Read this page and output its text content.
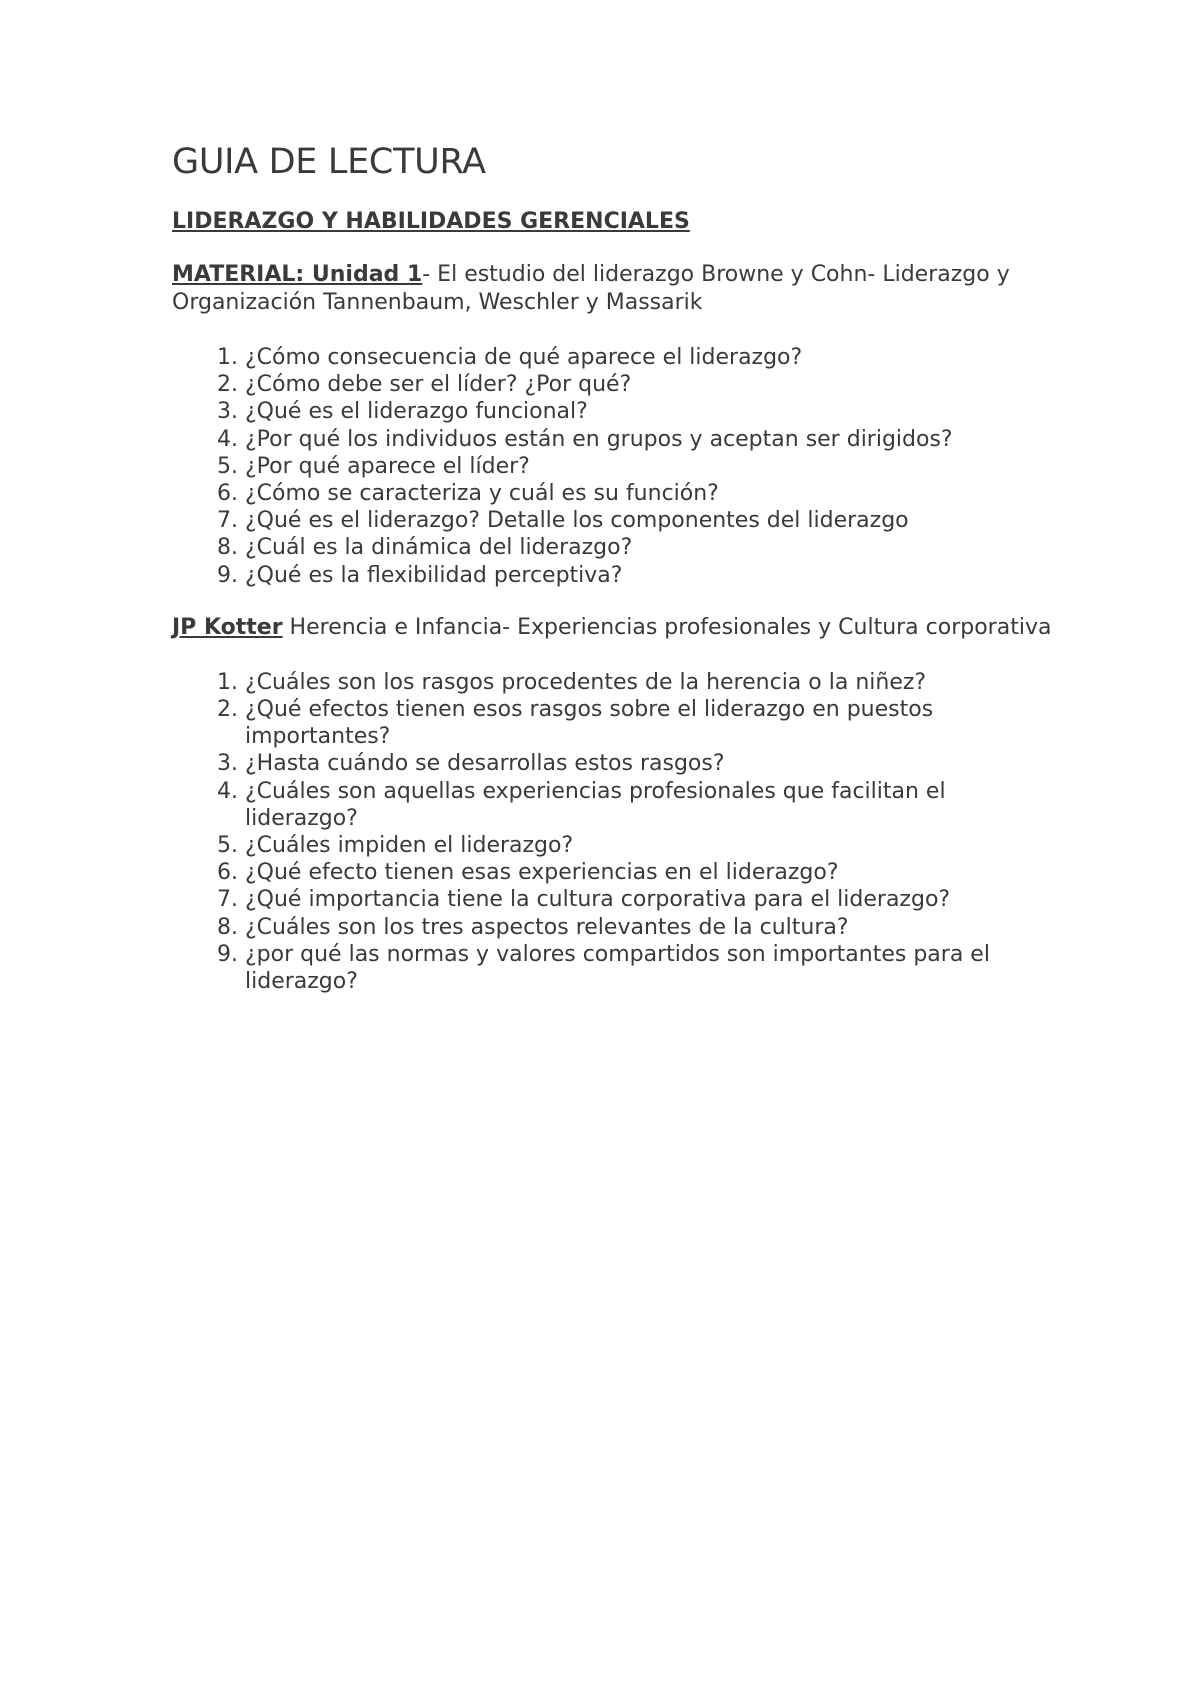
GUIA DE LECTURA
LIDERAZGO Y HABILIDADES GERENCIALES

MATERIAL: Unidad 1- El estudio del liderazgo Browne y Cohn- Liderazgo y Organización Tannenbaum, Weschler y Massarik

1. ¿Cómo consecuencia de qué aparece el liderazgo?
2. ¿Cómo debe ser el líder? ¿Por qué?
3. ¿Qué es el liderazgo funcional?
4. ¿Por qué los individuos están en grupos y aceptan ser dirigidos?
5. ¿Por qué aparece el líder?
6. ¿Cómo se caracteriza y cuál es su función?
7. ¿Qué es el liderazgo? Detalle los componentes del liderazgo
8. ¿Cuál es la dinámica del liderazgo?
9. ¿Qué es la flexibilidad perceptiva?

JP Kotter Herencia e Infancia- Experiencias profesionales y Cultura corporativa

1. ¿Cuáles son los rasgos procedentes de la herencia o la niñez?
2. ¿Qué efectos tienen esos rasgos sobre el liderazgo en puestos importantes?
3. ¿Hasta cuándo se desarrollas estos rasgos?
4. ¿Cuáles son aquellas experiencias profesionales que facilitan el liderazgo?
5. ¿Cuáles impiden el liderazgo?
6. ¿Qué efecto tienen esas experiencias en el liderazgo?
7. ¿Qué importancia tiene la cultura corporativa para el liderazgo?
8. ¿Cuáles son los tres aspectos relevantes de la cultura?
9. ¿por qué las normas y valores compartidos son importantes para el liderazgo?
